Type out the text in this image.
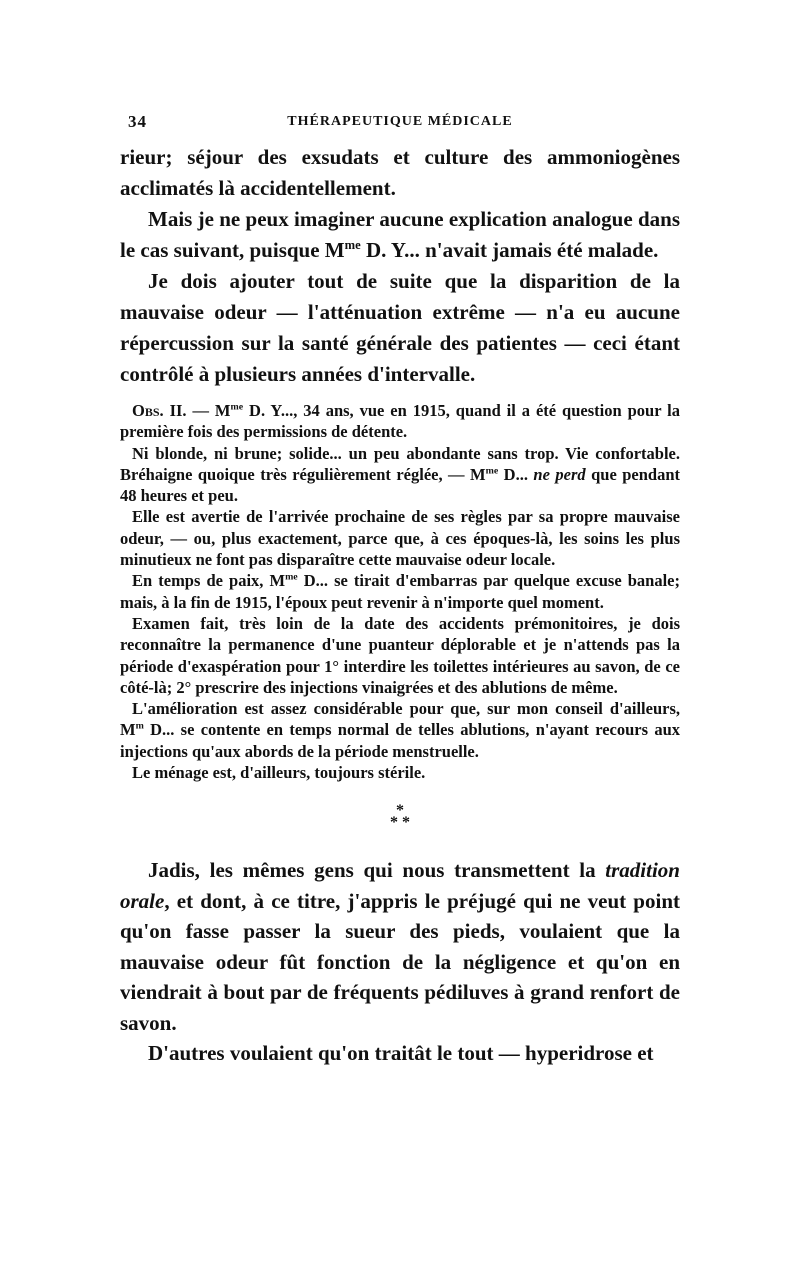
34	THÉRAPEUTIQUE MÉDICALE

rieur; séjour des exsudats et culture des ammoniogènes acclimatés là accidentellement.

Mais je ne peux imaginer aucune explication analogue dans le cas suivant, puisque $M^{me}$ D. Y... n'avait jamais été malade.

Je dois ajouter tout de suite que la disparition de la mauvaise odeur — l'atténuation extrême — n'a eu aucune répercussion sur la santé générale des patientes — ceci étant contrôlé à plusieurs années d'intervalle.

Obs. II. — $M^{me}$ D. Y..., 34 ans, vue en 1915, quand il a été question pour la première fois des permissions de détente.

Ni blonde, ni brune; solide... un peu abondante sans trop. Vie confortable. Bréhaigne quoique très régulièrement réglée, — $M^{me}$ D... ne perd que pendant 48 heures et peu.

Elle est avertie de l'arrivée prochaine de ses règles par sa propre mauvaise odeur, — ou, plus exactement, parce que, à ces époques-là, les soins les plus minutieux ne font pas disparaître cette mauvaise odeur locale.

En temps de paix, $M^{me}$ D... se tirait d'embarras par quelque excuse banale; mais, à la fin de 1915, l'époux peut revenir à n'importe quel moment.

Examen fait, très loin de la date des accidents prémonitoires, je dois reconnaître la permanence d'une puanteur déplorable et je n'attends pas la période d'exaspération pour 1° interdire les toilettes intérieures au savon, de ce côté-là; 2° prescrire des injections vinaigrées et des ablutions de même.

L'amélioration est assez considérable pour que, sur mon conseil d'ailleurs, $M^m$ D... se contente en temps normal de telles ablutions, n'ayant recours aux injections qu'aux abords de la période menstruelle.

Le ménage est, d'ailleurs, toujours stérile.

*
* *

Jadis, les mêmes gens qui nous transmettent la tradition orale, et dont, à ce titre, j'appris le préjugé qui ne veut point qu'on fasse passer la sueur des pieds, voulaient que la mauvaise odeur fût fonction de la négligence et qu'on en viendrait à bout par de fréquents pédiluves à grand renfort de savon.

D'autres voulaient qu'on traitât le tout — hyperidrose et
